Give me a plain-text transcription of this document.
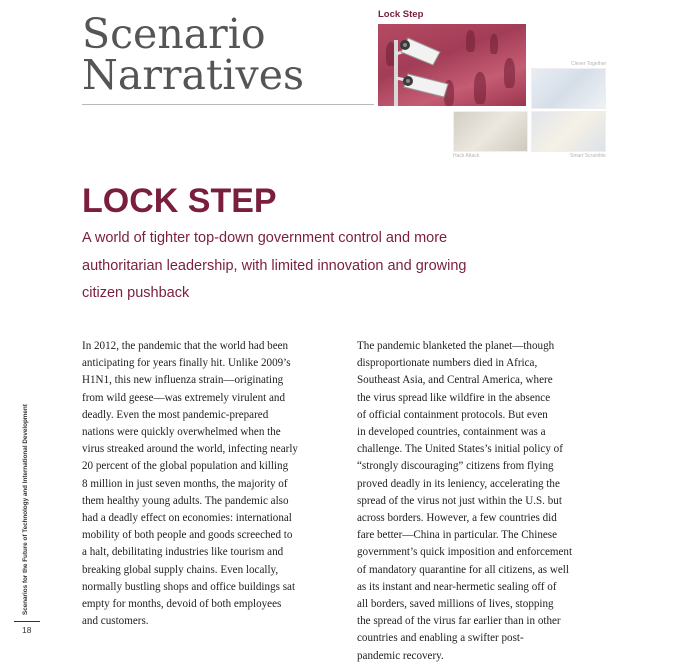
Scenario
Narratives
Lock Step
Clever Together
Hack Attack	Smart Scramble
LOCK STEP

A world of tighter top-down government control and more authoritarian leadership, with limited innovation and growing citizen pushback

In 2012, the pandemic that the world had been
anticipating for years finally hit. Unlike 2009’s
H1N1, this new influenza strain—originating
from wild geese—was extremely virulent and
deadly. Even the most pandemic-prepared
nations were quickly overwhelmed when the
virus streaked around the world, infecting nearly
20 percent of the global population and killing
8 million in just seven months, the majority of
them healthy young adults. The pandemic also
had a deadly effect on economies: international
mobility of both people and goods screeched to
a halt, debilitating industries like tourism and
breaking global supply chains. Even locally,
normally bustling shops and office buildings sat
empty for months, devoid of both employees
and customers.

The pandemic blanketed the planet—though
disproportionate numbers died in Africa,
Southeast Asia, and Central America, where
the virus spread like wildfire in the absence
of official containment protocols. But even
in developed countries, containment was a
challenge. The United States’s initial policy of
“strongly discouraging” citizens from flying
proved deadly in its leniency, accelerating the
spread of the virus not just within the U.S. but
across borders. However, a few countries did
fare better—China in particular. The Chinese
government’s quick imposition and enforcement
of mandatory quarantine for all citizens, as well
as its instant and near-hermetic sealing off of
all borders, saved millions of lives, stopping
the spread of the virus far earlier than in other
countries and enabling a swifter post-
pandemic recovery.

Scenarios for the Future of Technology and International Development
18
